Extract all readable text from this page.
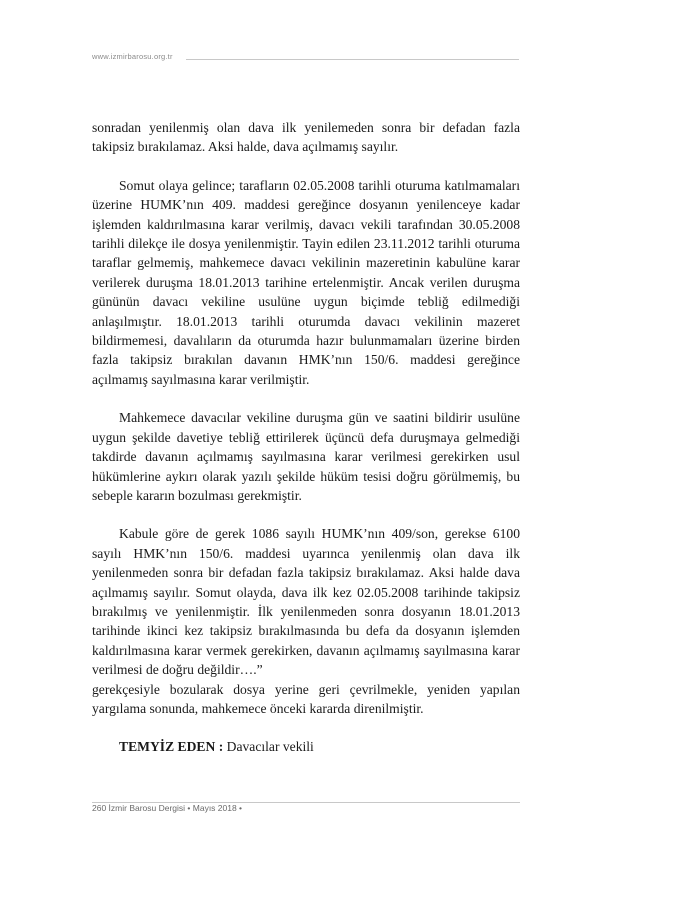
www.izmirbarosu.org.tr

sonradan yenilenmiş olan dava ilk yenilemeden sonra bir defadan fazla takipsiz bırakılamaz. Aksi halde, dava açılmamış sayılır.

Somut olaya gelince; tarafların 02.05.2008 tarihli oturuma katılmamaları üzerine HUMK’nın 409. maddesi gereğince dosyanın yenilenceye kadar işlemden kaldırılmasına karar verilmiş, davacı vekili tarafından 30.05.2008 tarihli dilekçe ile dosya yenilenmiştir. Tayin edilen 23.11.2012 tarihli oturuma taraflar gelmemiş, mahkemece davacı vekilinin mazeretinin kabulüne karar verilerek duruşma 18.01.2013 tarihine ertelenmiştir. Ancak verilen duruşma gününün davacı vekiline usulüne uygun biçimde tebliğ edilmediği anlaşılmıştır. 18.01.2013 tarihli oturumda davacı vekilinin mazeret bildirmemesi, davalıların da oturumda hazır bulunmamaları üzerine birden fazla takipsiz bırakılan davanın HMK’nın 150/6. maddesi gereğince açılmamış sayılmasına karar verilmiştir.

Mahkemece davacılar vekiline duruşma gün ve saatini bildirir usulüne uygun şekilde davetiye tebliğ ettirilerek üçüncü defa duruşmaya gelmediği takdirde davanın açılmamış sayılmasına karar verilmesi gerekirken usul hükümlerine aykırı olarak yazılı şekilde hüküm tesisi doğru görülmemiş, bu sebeple kararın bozulması gerekmiştir.

Kabule göre de gerek 1086 sayılı HUMK’nın 409/son, gerekse 6100 sayılı HMK’nın 150/6. maddesi uyarınca yenilenmiş olan dava ilk yenilenmeden sonra bir defadan fazla takipsiz bırakılamaz. Aksi halde dava açılmamış sayılır. Somut olayda, dava ilk kez 02.05.2008 tarihinde takipsiz bırakılmış ve yenilenmiştir. İlk yenilenmeden sonra dosyanın 18.01.2013 tarihinde ikinci kez takipsiz bırakılmasında bu defa da dosyanın işlemden kaldırılmasına karar vermek gerekirken, davanın açılmamış sayılmasına karar verilmesi de doğru değildir….”

gerekçesiyle bozularak dosya yerine geri çevrilmekle, yeniden yapılan yargılama sonunda, mahkemece önceki kararda direnilmiştir.

TEMYİZ EDEN : Davacılar vekili

260 İzmir Barosu Dergisi • Mayıs 2018 •
